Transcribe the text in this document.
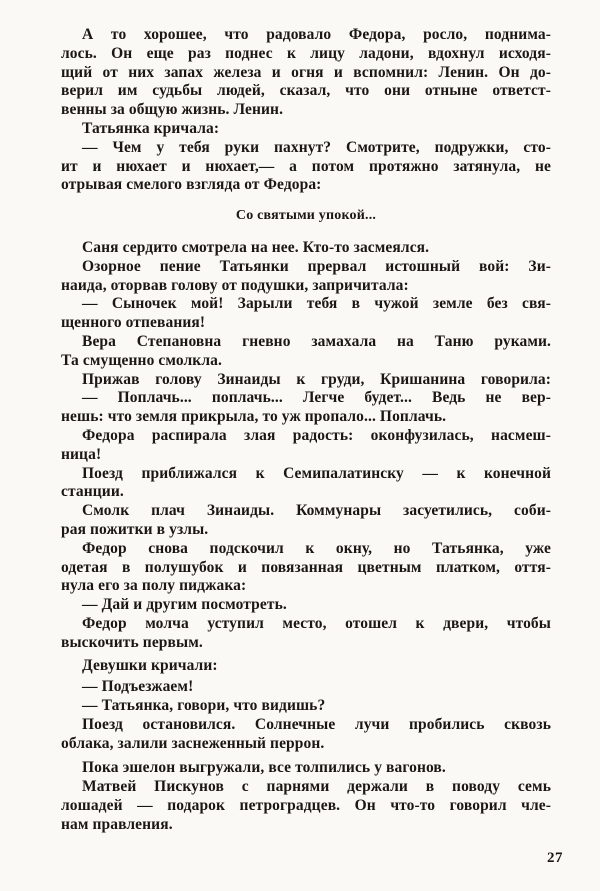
А то хорошее, что радовало Федора, росло, поднима-
лось. Он еще раз поднес к лицу ладони, вдохнул исходя-
щий от них запах железа и огня и вспомнил: Ленин. Он до-
верил им судьбы людей, сказал, что они отныне ответст-
венны за общую жизнь. Ленин.
Татьянка кричала:
— Чем у тебя руки пахнут? Смотрите, подружки, сто-
ит и нюхает и нюхает,— а потом протяжно затянула, не
отрывая смелого взгляда от Федора:
Со святыми упокой...
Саня сердито смотрела на нее. Кто-то засмеялся.
Озорное пение Татьянки прервал истошный вой: Зи-
наида, оторвав голову от подушки, запричитала:
— Сыночек мой! Зарыли тебя в чужой земле без свя-
щенного отпевания!
Вера Степановна гневно замахала на Таню руками.
Та смущенно смолкла.
Прижав голову Зинаиды к груди, Кришанина говорила:
— Поплачь... поплачь... Легче будет... Ведь не вер-
нешь: что земля прикрыла, то уж пропало... Поплачь.
Федора распирала злая радость: оконфузилась, насмеш-
ница!
Поезд приближался к Семипалатинску — к конечной
станции.
Смолк плач Зинаиды. Коммунары засуетились, соби-
рая пожитки в узлы.
Федор снова подскочил к окну, но Татьянка, уже
одетая в полушубок и повязанная цветным платком, оття-
нула его за полу пиджака:
— Дай и другим посмотреть.
Федор молча уступил место, отошел к двери, чтобы
выскочить первым.
Девушки кричали:
— Подъезжаем!
— Татьянка, говори, что видишь?
Поезд остановился. Солнечные лучи пробились сквозь
облака, залили заснеженный перрон.
Пока эшелон выгружали, все толпились у вагонов.
Матвей Пискунов с парнями держали в поводу семь
лошадей — подарок петроградцев. Он что-то говорил чле-
нам правления.
27
